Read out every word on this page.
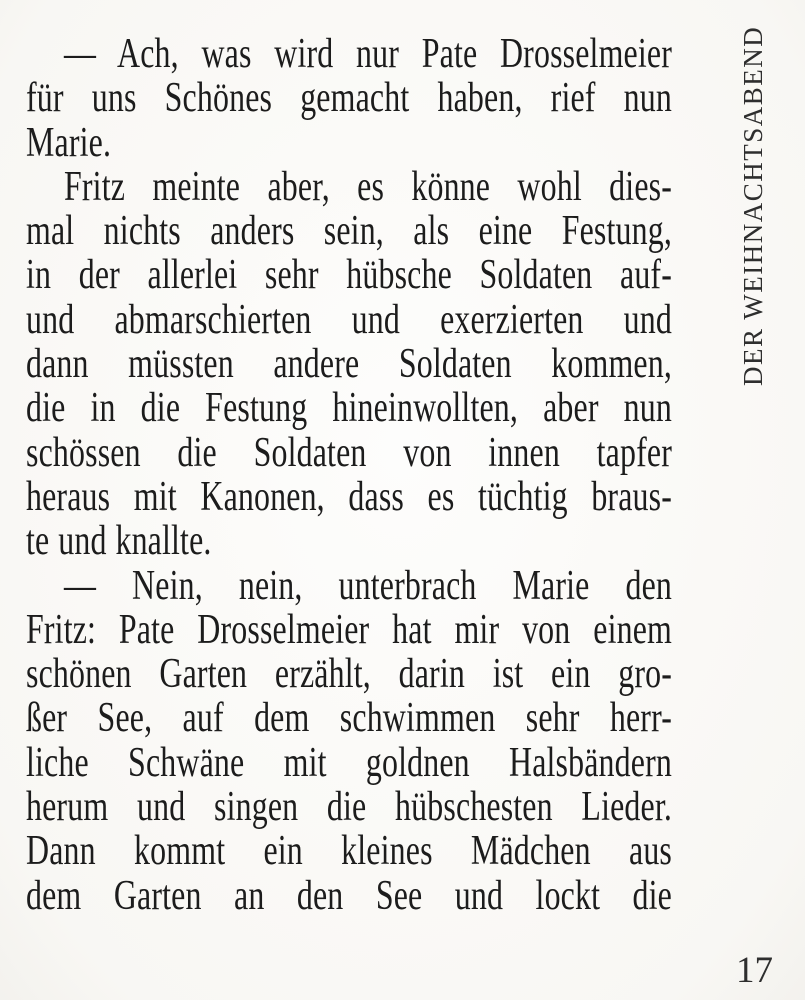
— Ach, was wird nur Pate Drosselmeier
für uns Schönes gemacht haben, rief nun
Marie.
Fritz meinte aber, es könne wohl dies-
mal nichts anders sein, als eine Festung,
in der allerlei sehr hübsche Soldaten auf-
und abmarschierten und exerzierten und
dann müssten andere Soldaten kommen,
die in die Festung hineinwollten, aber nun
schössen die Soldaten von innen tapfer
heraus mit Kanonen, dass es tüchtig braus-
te und knallte.
— Nein, nein, unterbrach Marie den
Fritz: Pate Drosselmeier hat mir von einem
schönen Garten erzählt, darin ist ein gro-
ßer See, auf dem schwimmen sehr herr-
liche Schwäne mit goldnen Halsbändern
herum und singen die hübschesten Lieder.
Dann kommt ein kleines Mädchen aus
dem Garten an den See und lockt die
DER WEIHNACHTSABEND
17
